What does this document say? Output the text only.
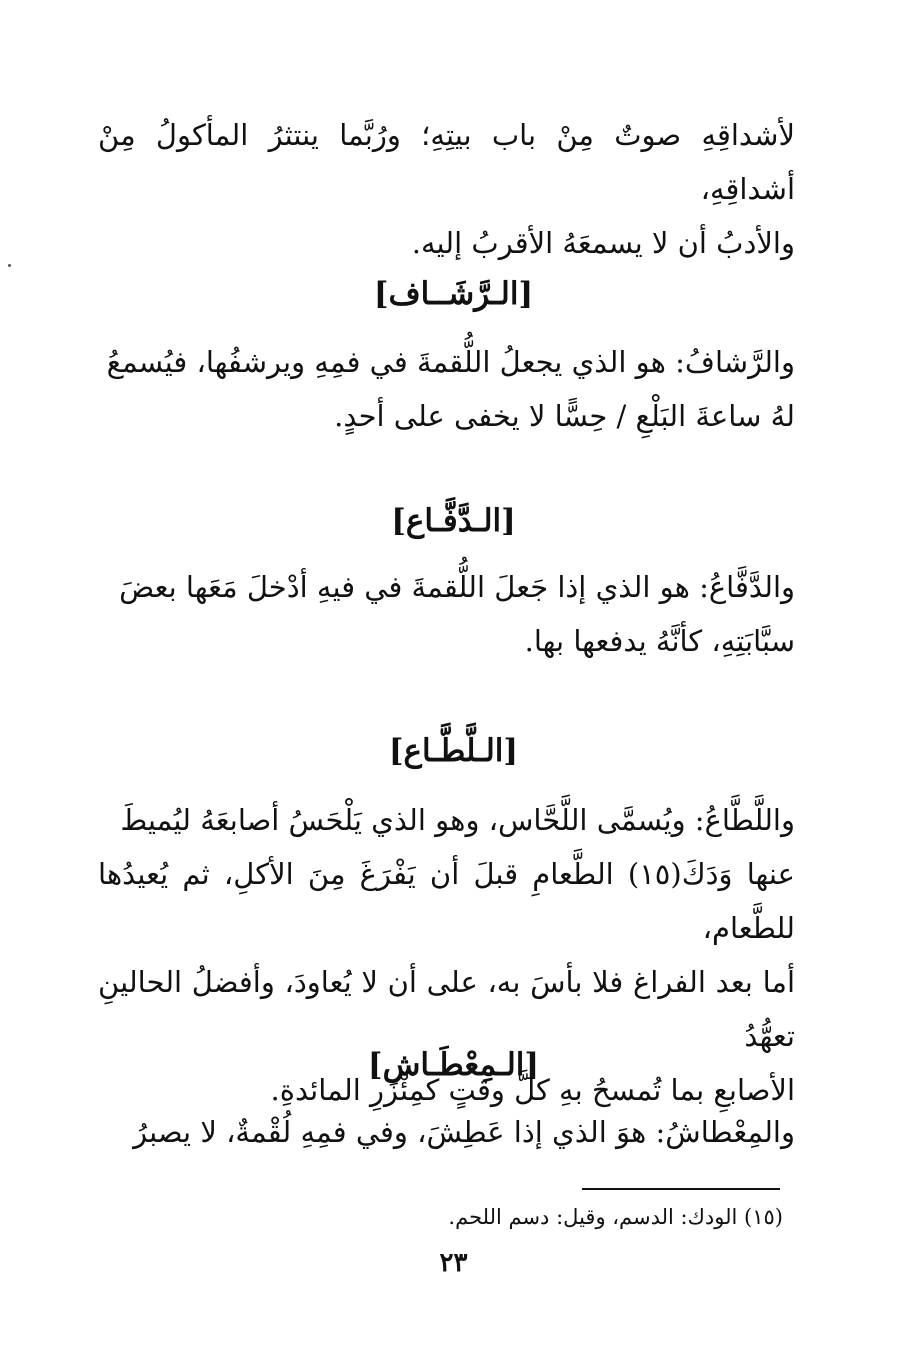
لأشداقِهِ صوتٌ مِنْ باب بيتِهِ؛ ورُبَّما ينتثرُ المأكولُ مِنْ أشداقِهِ،
والأدبُ أن لا يسمعَهُ الأقربُ إليه.
[الـرَّشَــاف]
والرَّشافُ: هو الذي يجعلُ اللُّقمةَ في فمِهِ ويرشفُها، فيُسمعُ
لهُ ساعةَ البَلْعِ / حِسًّا لا يخفى على أحدٍ.
[الـدَّفَّـاع]
والدَّفَّاعُ: هو الذي إذا جَعلَ اللُّقمةَ في فيهِ أدْخلَ مَعَها بعضَ
سبَّابَتِهِ، كأنَّهُ يدفعها بها.
[الـلَّطَّـاع]
واللَّطَّاعُ: ويُسمَّى اللَّحَّاس، وهو الذي يَلْحَسُ أصابعَهُ ليُميطَ
عنها وَدَكَ(١٥) الطَّعامِ قبلَ أن يَفْرَغَ مِنَ الأكلِ، ثم يُعيدُها للطَّعام،
أما بعد الفراغ فلا بأسَ به، على أن لا يُعاودَ، وأفضلُ الحالينِ تعهُّدُ
الأصابعِ بما تُمسحُ بهِ كلَّ وقتٍ كمِئْزَرِ المائدةِ.
[الـمِعْطَـاش]
والمِعْطاشُ: هوَ الذي إذا عَطِشَ، وفي فمِهِ لُقْمةٌ، لا يصبرُ
(١٥) الودك: الدسم، وقيل: دسم اللحم.
٢٣
